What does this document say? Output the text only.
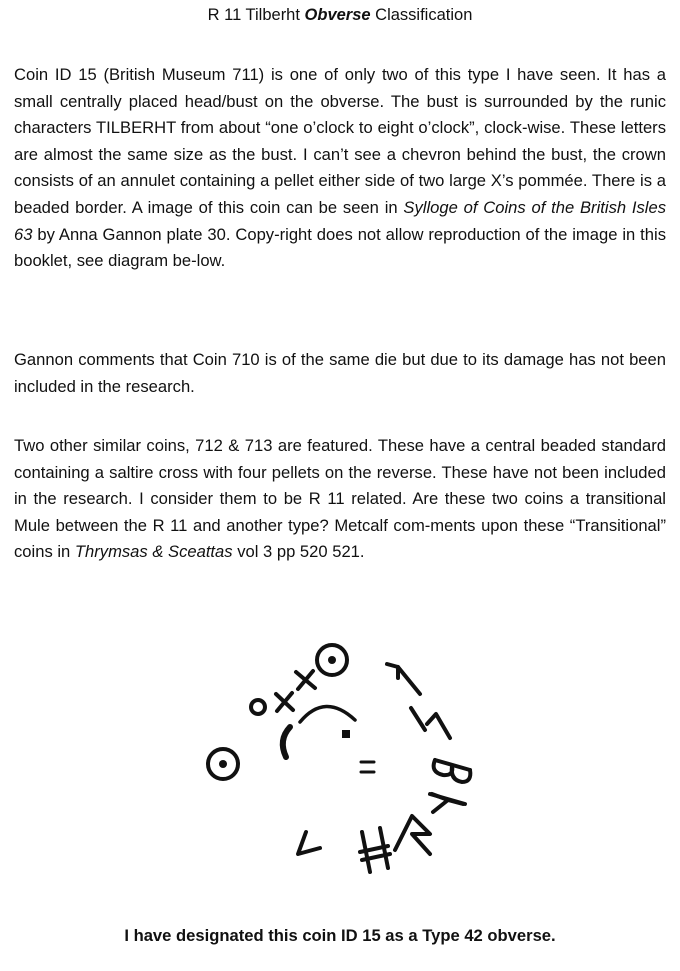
R 11 Tilberht Obverse Classification

Coin ID 15 (British Museum 711) is one of only two of this type I have seen. It has a small centrally placed head/bust on the obverse. The bust is surrounded by the runic characters TILBERHT from about “one o’clock to eight o’clock”, clock-wise. These letters are almost the same size as the bust. I can’t see a chevron behind the bust, the crown consists of an annulet containing a pellet either side of two large X’s pommée. There is a beaded border. A image of this coin can be seen in Sylloge of Coins of the British Isles 63 by Anna Gannon plate 30. Copy-right does not allow reproduction of the image in this booklet, see diagram be-low.

Gannon comments that Coin 710 is of the same die but due to its damage has not been included in the research.

Two other similar coins, 712 & 713 are featured. These have a central beaded standard containing a saltire cross with four pellets on the reverse. These have not been included in the research. I consider them to be R 11 related. Are these two coins a transitional Mule between the R 11 and another type? Metcalf com-ments upon these “Transitional” coins in Thrymsas & Sceattas vol 3 pp 520 521.

I have designated this coin ID 15 as a Type 42 obverse.
